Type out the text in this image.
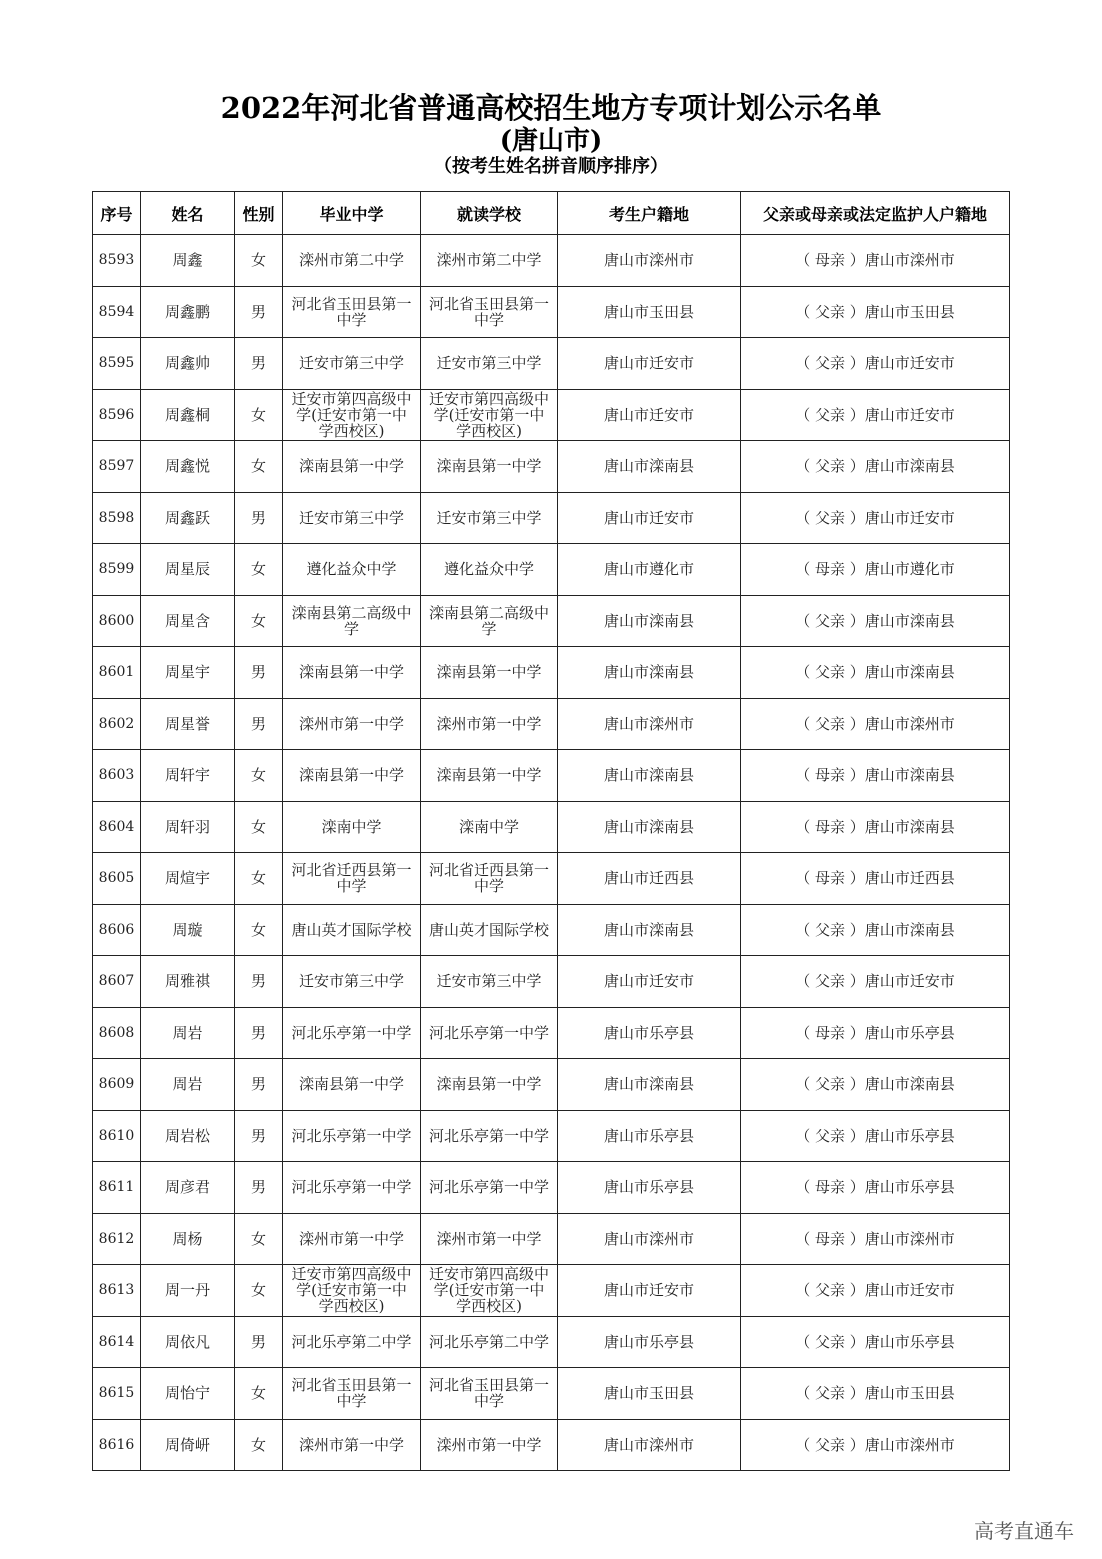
2022年河北省普通高校招生地方专项计划公示名单
(唐山市)
（按考生姓名拼音顺序排序）
序号	姓名	性别	毕业中学	就读学校	考生户籍地	父亲或母亲或法定监护人户籍地
8593	周鑫	女	滦州市第二中学	滦州市第二中学	唐山市滦州市	（ 母亲 ）唐山市滦州市
8594	周鑫鹏	男	河北省玉田县第一中学	河北省玉田县第一中学	唐山市玉田县	（ 父亲 ）唐山市玉田县
8595	周鑫帅	男	迁安市第三中学	迁安市第三中学	唐山市迁安市	（ 父亲 ）唐山市迁安市
8596	周鑫桐	女	迁安市第四高级中学(迁安市第一中学西校区)	迁安市第四高级中学(迁安市第一中学西校区)	唐山市迁安市	（ 父亲 ）唐山市迁安市
8597	周鑫悦	女	滦南县第一中学	滦南县第一中学	唐山市滦南县	（ 父亲 ）唐山市滦南县
8598	周鑫跃	男	迁安市第三中学	迁安市第三中学	唐山市迁安市	（ 父亲 ）唐山市迁安市
8599	周星辰	女	遵化益众中学	遵化益众中学	唐山市遵化市	（ 母亲 ）唐山市遵化市
8600	周星含	女	滦南县第二高级中学	滦南县第二高级中学	唐山市滦南县	（ 父亲 ）唐山市滦南县
8601	周星宇	男	滦南县第一中学	滦南县第一中学	唐山市滦南县	（ 父亲 ）唐山市滦南县
8602	周星誉	男	滦州市第一中学	滦州市第一中学	唐山市滦州市	（ 父亲 ）唐山市滦州市
8603	周轩宇	女	滦南县第一中学	滦南县第一中学	唐山市滦南县	（ 母亲 ）唐山市滦南县
8604	周轩羽	女	滦南中学	滦南中学	唐山市滦南县	（ 母亲 ）唐山市滦南县
8605	周煊宇	女	河北省迁西县第一中学	河北省迁西县第一中学	唐山市迁西县	（ 母亲 ）唐山市迁西县
8606	周璇	女	唐山英才国际学校	唐山英才国际学校	唐山市滦南县	（ 父亲 ）唐山市滦南县
8607	周雅祺	男	迁安市第三中学	迁安市第三中学	唐山市迁安市	（ 父亲 ）唐山市迁安市
8608	周岩	男	河北乐亭第一中学	河北乐亭第一中学	唐山市乐亭县	（ 母亲 ）唐山市乐亭县
8609	周岩	男	滦南县第一中学	滦南县第一中学	唐山市滦南县	（ 父亲 ）唐山市滦南县
8610	周岩松	男	河北乐亭第一中学	河北乐亭第一中学	唐山市乐亭县	（ 父亲 ）唐山市乐亭县
8611	周彦君	男	河北乐亭第一中学	河北乐亭第一中学	唐山市乐亭县	（ 母亲 ）唐山市乐亭县
8612	周杨	女	滦州市第一中学	滦州市第一中学	唐山市滦州市	（ 母亲 ）唐山市滦州市
8613	周一丹	女	迁安市第四高级中学(迁安市第一中学西校区)	迁安市第四高级中学(迁安市第一中学西校区)	唐山市迁安市	（ 父亲 ）唐山市迁安市
8614	周依凡	男	河北乐亭第二中学	河北乐亭第二中学	唐山市乐亭县	（ 父亲 ）唐山市乐亭县
8615	周怡宁	女	河北省玉田县第一中学	河北省玉田县第一中学	唐山市玉田县	（ 父亲 ）唐山市玉田县
8616	周倚岍	女	滦州市第一中学	滦州市第一中学	唐山市滦州市	（ 父亲 ）唐山市滦州市
高考直通车
